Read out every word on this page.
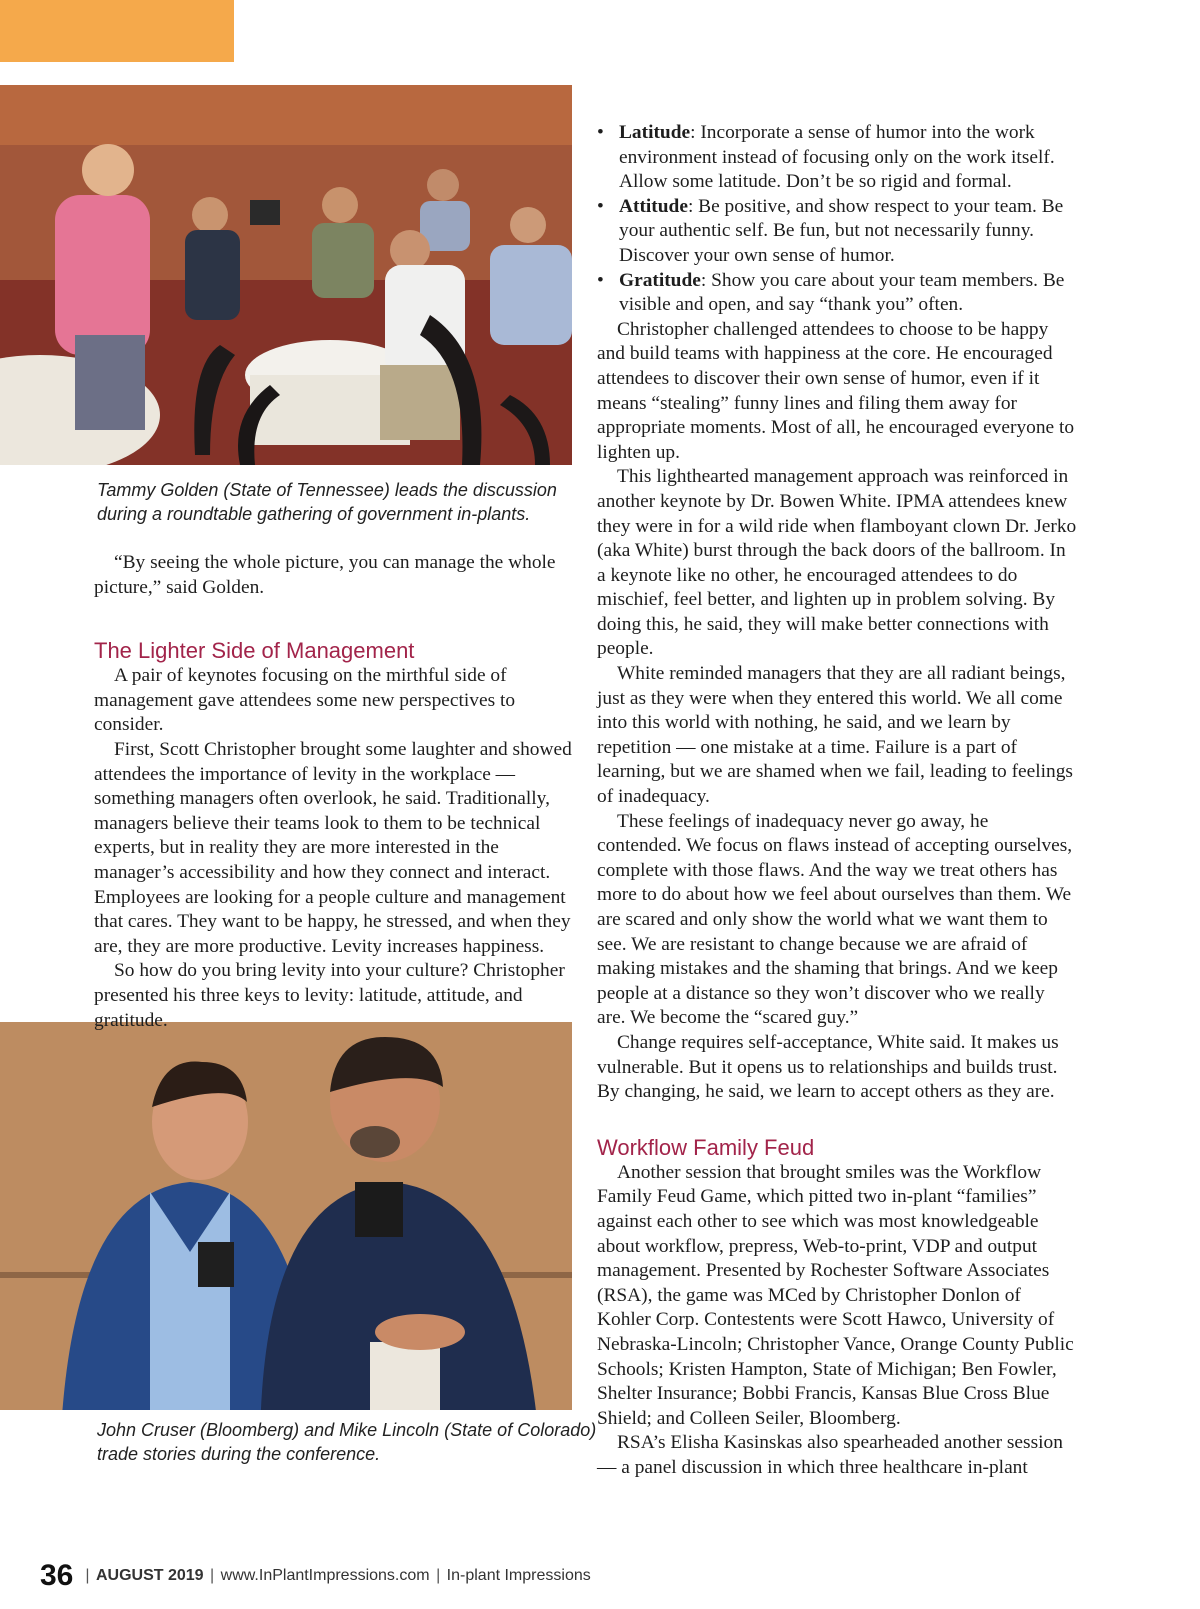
Tammy Golden (State of Tennessee) leads the discussion during a roundtable gathering of government in-plants.
John Cruser (Bloomberg) and Mike Lincoln (State of Colorado) trade stories during the conference.

“By seeing the whole picture, you can manage the whole picture,” said Golden.

The Lighter Side of Management

A pair of keynotes focusing on the mirthful side of management gave attendees some new perspectives to consider.

First, Scott Christopher brought some laughter and showed attendees the importance of levity in the workplace — something managers often overlook, he said. Traditionally, managers believe their teams look to them to be technical experts, but in reality they are more interested in the manager’s accessibility and how they connect and interact. Employees are looking for a people culture and management that cares. They want to be happy, he stressed, and when they are, they are more productive. Levity increases happiness.

So how do you bring levity into your culture? Christopher presented his three keys to levity: latitude, attitude, and gratitude.

• Latitude: Incorporate a sense of humor into the work environment instead of focusing only on the work itself. Allow some latitude. Don’t be so rigid and formal.
• Attitude: Be positive, and show respect to your team. Be your authentic self. Be fun, but not necessarily funny. Discover your own sense of humor.
• Gratitude: Show you care about your team members. Be visible and open, and say “thank you” often.

Christopher challenged attendees to choose to be happy and build teams with happiness at the core. He encouraged attendees to discover their own sense of humor, even if it means “stealing” funny lines and filing them away for appropriate moments. Most of all, he encouraged everyone to lighten up.

This lighthearted management approach was reinforced in another keynote by Dr. Bowen White. IPMA attendees knew they were in for a wild ride when flamboyant clown Dr. Jerko (aka White) burst through the back doors of the ballroom. In a keynote like no other, he encouraged attendees to do mischief, feel better, and lighten up in problem solving. By doing this, he said, they will make better connections with people.

White reminded managers that they are all radiant beings, just as they were when they entered this world. We all come into this world with nothing, he said, and we learn by repetition — one mistake at a time. Failure is a part of learning, but we are shamed when we fail, leading to feelings of inadequacy.

These feelings of inadequacy never go away, he contended. We focus on flaws instead of accepting ourselves, complete with those flaws. And the way we treat others has more to do about how we feel about ourselves than them. We are scared and only show the world what we want them to see. We are resistant to change because we are afraid of making mistakes and the shaming that brings. And we keep people at a distance so they won’t discover who we really are. We become the “scared guy.”

Change requires self-acceptance, White said. It makes us vulnerable. But it opens us to relationships and builds trust. By changing, he said, we learn to accept others as they are.

Workflow Family Feud

Another session that brought smiles was the Workflow Family Feud Game, which pitted two in-plant “families” against each other to see which was most knowledgeable about workflow, prepress, Web-to-print, VDP and output management. Presented by Rochester Software Associates (RSA), the game was MCed by Christopher Donlon of Kohler Corp. Contestents were Scott Hawco, University of Nebraska-Lincoln; Christopher Vance, Orange County Public Schools; Kristen Hampton, State of Michigan; Ben Fowler, Shelter Insurance; Bobbi Francis, Kansas Blue Cross Blue Shield; and Colleen Seiler, Bloomberg.

RSA’s Elisha Kasinskas also spearheaded another session — a panel discussion in which three healthcare in-plant

36 | AUGUST 2019 | www.InPlantImpressions.com | In-plant Impressions
